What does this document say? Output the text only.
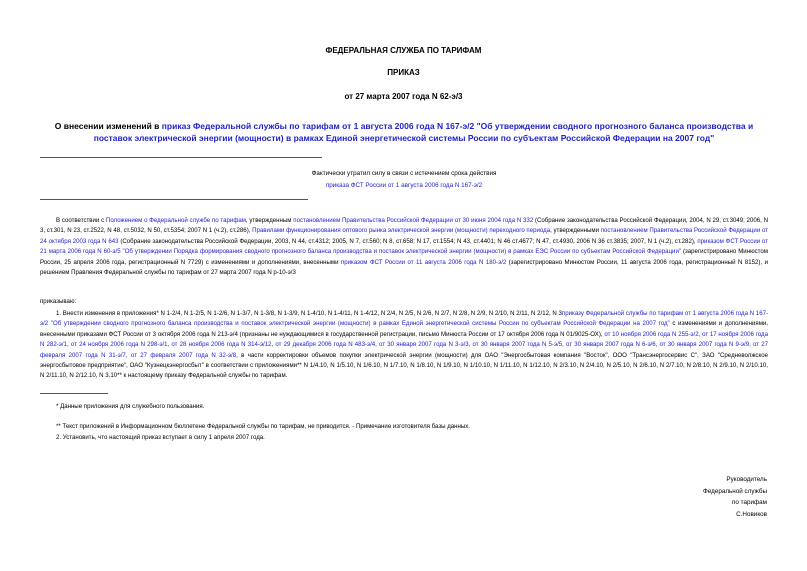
ФЕДЕРАЛЬНАЯ СЛУЖБА ПО ТАРИФАМ
ПРИКАЗ
от 27 марта 2007 года N 62-э/3
О внесении изменений в приказ Федеральной службы по тарифам от 1 августа 2006 года N 167-э/2 "Об утверждении сводного прогнозного баланса производства и поставок электрической энергии (мощности) в рамках Единой энергетической системы России по субъектам Российской Федерации на 2007 год"
Фактически утратил силу в связи с истечением срока действия
приказа ФСТ России от 1 августа 2006 года N 167-э/2
В соответствии с Положением о Федеральной службе по тарифам, утвержденным постановлением Правительства Российской Федерации от 30 июня 2004 года N 332 (Собрание законодательства Российской Федерации, 2004, N 29, ст.3049; 2006, N 3, ст.301, N 23, ст.2522, N 48, ст.5032, N 50, ст.5354; 2007 N 1 (ч.2), ст.286), Правилами функционирования оптового рынка электрической энергии (мощности) переходного периода, утвержденными постановлением Правительства Российской Федерации от 24 октября 2003 года N 643 (Собрание законодательства Российской Федерации, 2003, N 44, ст.4312; 2005, N 7, ст.560; N 8, ст.658; N 17, ст.1554; N 43, ст.4401; N 46 ст.4677; N 47, ст.4930, 2006 N 36 ст.3835; 2007, N 1 (ч.2), ст.282), приказом ФСТ России от 21 марта 2006 года N 60-э/5 "Об утверждении Порядка формирования сводного прогнозного баланса производства и поставок электрической энергии (мощности) в рамках ЕЭС России по субъектам Российской Федерации" (зарегистрировано Минюстом России, 25 апреля 2006 года, регистрационный N 7729) с изменениями и дополнениями, внесенными приказом ФСТ России от 11 августа 2006 года N 180-э/2 (зарегистрировано Минюстом России, 11 августа 2006 года, регистрационный N 8152), и решением Правления Федеральной службы по тарифам от 27 марта 2007 года N р-10-э/3
приказываю:
1. Внести изменения в приложения* N 1-2/4, N 1-2/5, N 1-2/6, N 1-3/7, N 1-3/8, N 1-3/9, N 1-4/10, N 1-4/11, N 1-4/12, N 2/4, N 2/5, N 2/6, N 2/7, N 2/8, N 2/9, N 2/10, N 2/11, N 2/12, N 3приказу Федеральной службы по тарифам от 1 августа 2006 года N 167-э/2 "Об утверждении сводного прогнозного баланса производства и поставок электрической энергии (мощности) в рамках Единой энергетической системы России по субъектам Российской Федерации на 2007 год" с изменениями и дополнениями, внесенными приказами ФСТ России от 3 октября 2006 года N 213-э/4 (признаны не нуждающимися в государственной регистрации, письмо Минюста России от 17 октября 2006 года N 01/9025-ОХ), от 10 ноября 2006 года N 255-э/2, от 17 ноября 2006 года N 282-э/1, от 24 ноября 2006 года N 298-э/1, от 28 ноября 2006 года N 314-э/12, от 29 декабря 2006 года N 483-э/4, от 30 января 2007 года N 3-э/3, от 30 января 2007 года N 5-э/5, от 30 января 2007 года N 6-э/6, от 30 января 2007 года N 9-э/9, от 27 февраля 2007 года N 31-э/7, от 27 февраля 2007 года N 32-э/8, в части корректировки объемов покупки электрической энергии (мощности) для ОАО "Энергосбытовая компания "Восток", ООО "Трансэнергосервис С", ЗАО "Средневолжское энергосбытовое предприятие", ОАО "Кузнецкэнергосбыт" в соответствии с приложениями** N 1/4.10, N 1/5.10, N 1/6.10, N 1/7.10, N 1/8.10, N 1/9.10, N 1/10.10, N 1/11.10, N 1/12.10, N 2/3.10, N 2/4.10, N 2/5.10, N 2/6.10, N 2/7.10, N 2/8.10, N 2/9.10, N 2/10.10, N 2/11.10, N 2/12.10, N 3.10** к настоящему приказу Федеральной службы по тарифам.
* Данные приложения для служебного пользования.
** Текст приложений в Информационном бюллетене Федеральной службы по тарифам, не приводится. - Примечание изготовителя базы данных.
2. Установить, что настоящий приказ вступает в силу 1 апреля 2007 года.
Руководитель
Федеральной службы
по тарифам
С.Новиков
